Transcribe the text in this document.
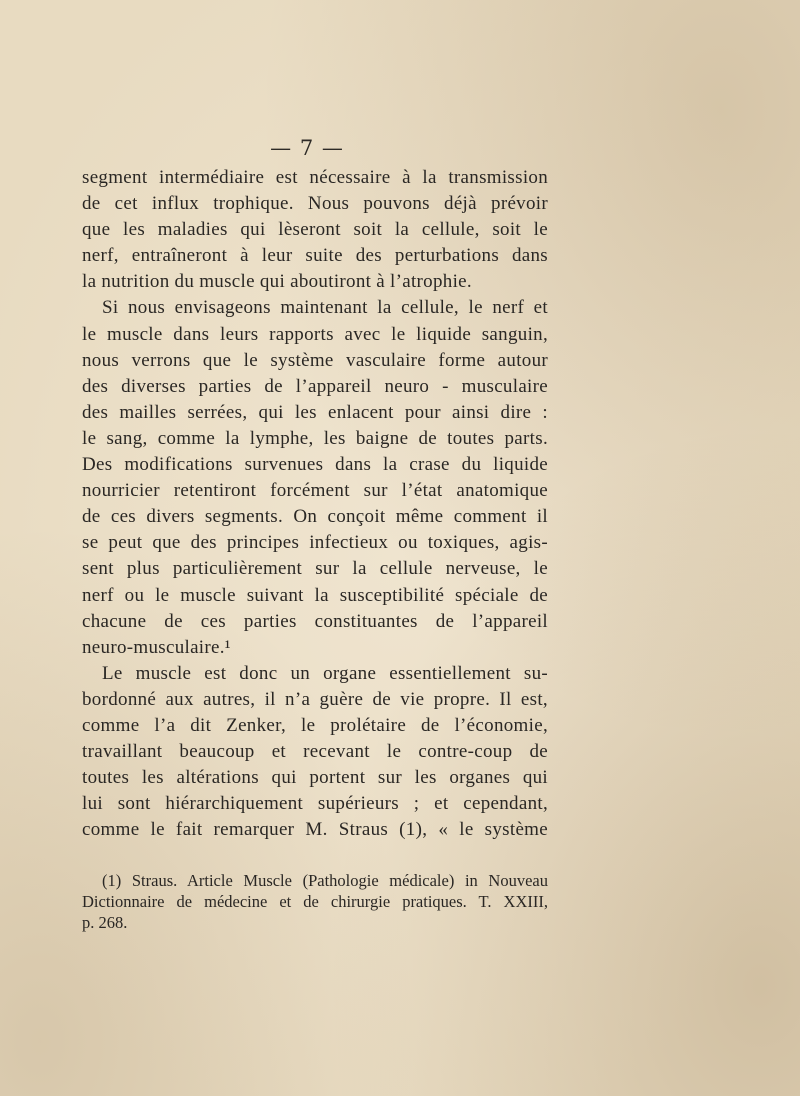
— 7 —
segment intermédiaire est nécessaire à la transmission
de cet influx trophique. Nous pouvons déjà prévoir
que les maladies qui lèseront soit la cellule, soit le
nerf, entraîneront à leur suite des perturbations dans
la nutrition du muscle qui aboutiront à l’atrophie.
Si nous envisageons maintenant la cellule, le nerf et
le muscle dans leurs rapports avec le liquide sanguin,
nous verrons que le système vasculaire forme autour
des diverses parties de l’appareil neuro - musculaire
des mailles serrées, qui les enlacent pour ainsi dire :
le sang, comme la lymphe, les baigne de toutes parts.
Des modifications survenues dans la crase du liquide
nourricier retentiront forcément sur l’état anatomique
de ces divers segments. On conçoit même comment il
se peut que des principes infectieux ou toxiques, agis-
sent plus particulièrement sur la cellule nerveuse, le
nerf ou le muscle suivant la susceptibilité spéciale de
chacune de ces parties constituantes de l’appareil
neuro-musculaire.¹
Le muscle est donc un organe essentiellement su-
bordonné aux autres, il n’a guère de vie propre. Il est,
comme l’a dit Zenker, le prolétaire de l’économie,
travaillant beaucoup et recevant le contre-coup de
toutes les altérations qui portent sur les organes qui
lui sont hiérarchiquement supérieurs ; et cependant,
comme le fait remarquer M. Straus (1), « le système
(1) Straus. Article Muscle (Pathologie médicale) in Nouveau
Dictionnaire de médecine et de chirurgie pratiques. T. XXIII,
p. 268.
